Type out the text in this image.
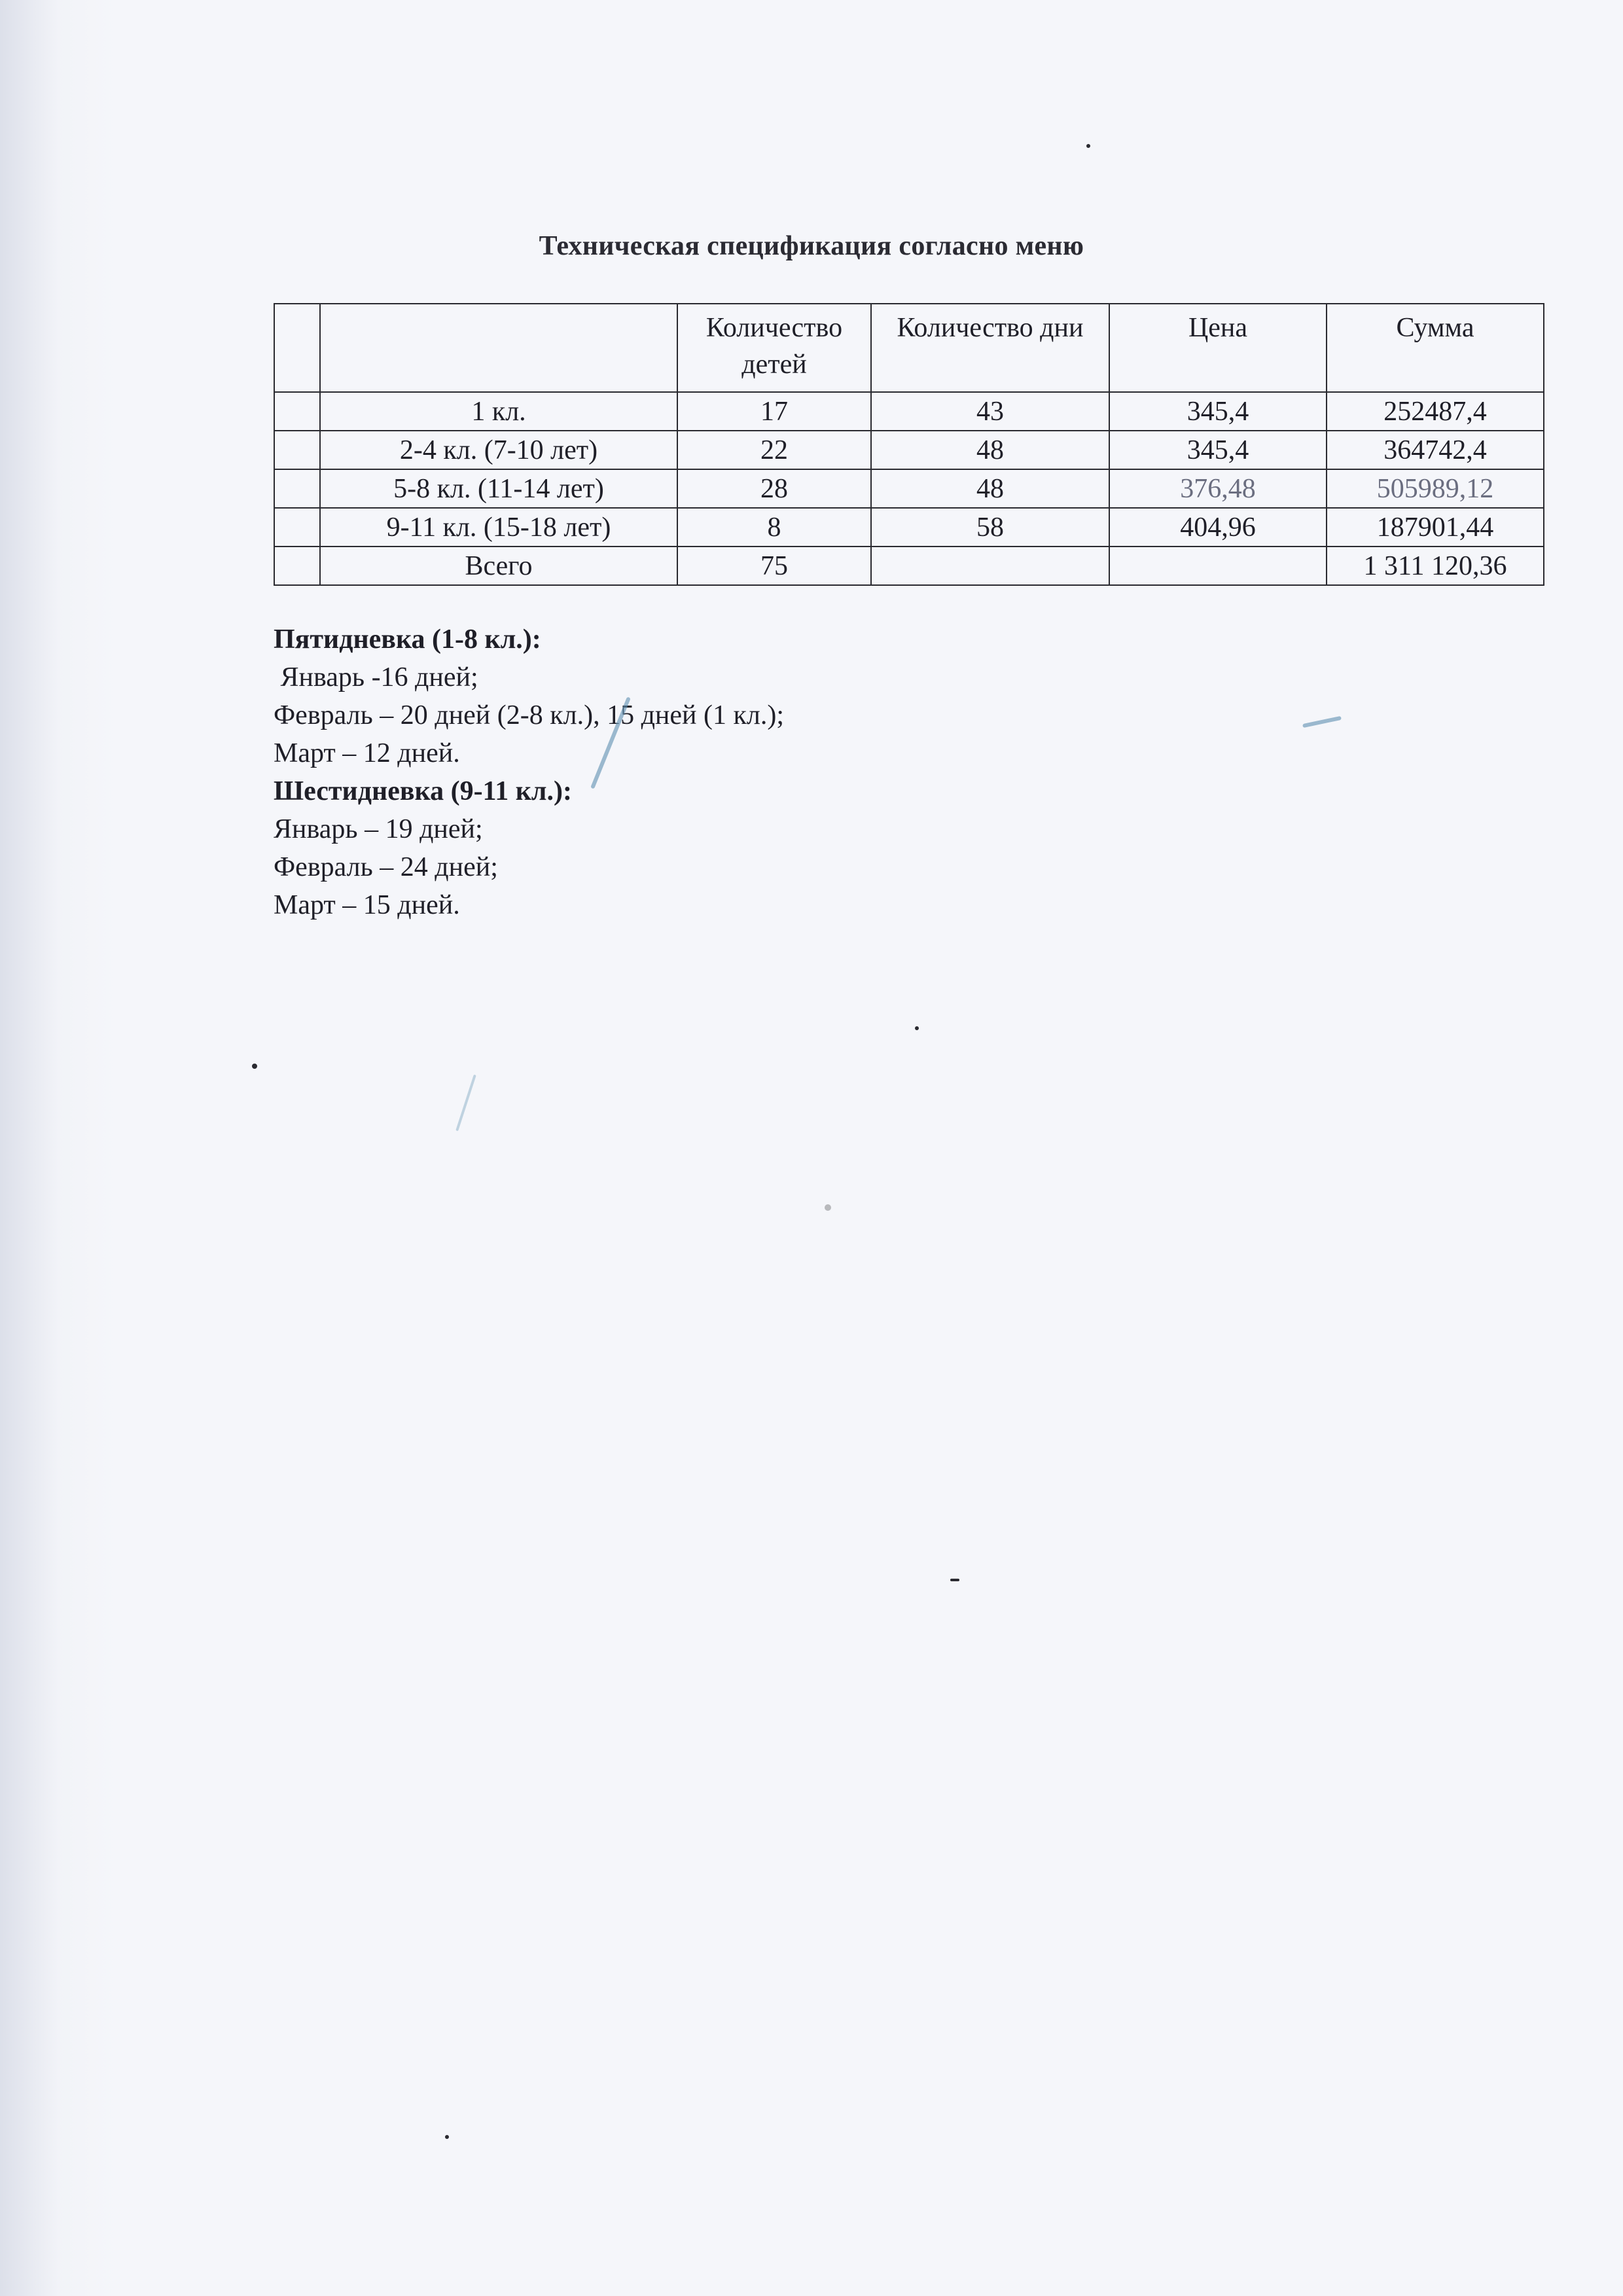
Техническая спецификация согласно меню
		Количество детей	Количество дни	Цена	Сумма
	1 кл.	17	43	345,4	252487,4
	2-4 кл. (7-10 лет)	22	48	345,4	364742,4
	5-8 кл. (11-14 лет)	28	48	376,48	505989,12
	9-11 кл. (15-18 лет)	8	58	404,96	187901,44
	Всего	75			1 311 120,36
Пятидневка (1-8 кл.):
Январь -16 дней;
Февраль – 20 дней (2-8 кл.), 15 дней (1 кл.);
Март – 12 дней.
Шестидневка (9-11 кл.):
Январь – 19 дней;
Февраль – 24 дней;
Март – 15 дней.
